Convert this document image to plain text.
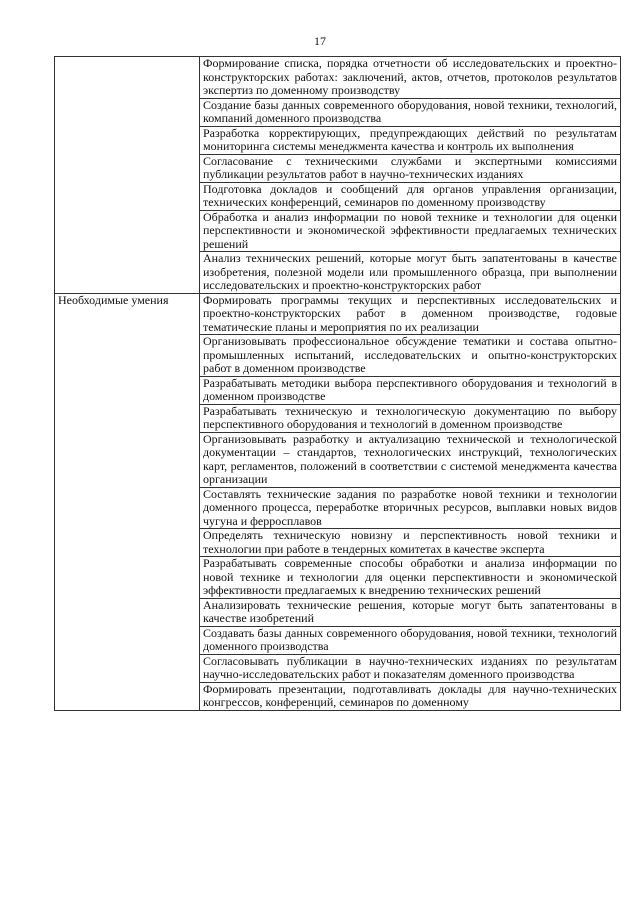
17
	Формирование списка, порядка отчетности об исследовательских и проектно-конструкторских работах: заключений, актов, отчетов, протоколов результатов экспертиз по доменному производству
	Создание базы данных современного оборудования, новой техники, технологий, компаний доменного производства
	Разработка корректирующих, предупреждающих действий по результатам мониторинга системы менеджмента качества и контроль их выполнения
	Согласование с техническими службами и экспертными комиссиями публикации результатов работ в научно-технических изданиях
	Подготовка докладов и сообщений для органов управления организации, технических конференций, семинаров по доменному производству
	Обработка и анализ информации по новой технике и технологии для оценки перспективности и экономической эффективности предлагаемых технических решений
	Анализ технических решений, которые могут быть запатентованы в качестве изобретения, полезной модели или промышленного образца, при выполнении исследовательских и проектно-конструкторских работ
Необходимые умения	Формировать программы текущих и перспективных исследовательских и проектно-конструкторских работ в доменном производстве, годовые тематические планы и мероприятия по их реализации
	Организовывать профессиональное обсуждение тематики и состава опытно-промышленных испытаний, исследовательских и опытно-конструкторских работ в доменном производстве
	Разрабатывать методики выбора перспективного оборудования и технологий в доменном производстве
	Разрабатывать техническую и технологическую документацию по выбору перспективного оборудования и технологий в доменном производстве
	Организовывать разработку и актуализацию технической и технологической документации – стандартов, технологических инструкций, технологических карт, регламентов, положений в соответствии с системой менеджмента качества организации
	Составлять технические задания по разработке новой техники и технологии доменного процесса, переработке вторичных ресурсов, выплавки новых видов чугуна и ферросплавов
	Определять техническую новизну и перспективность новой техники и технологии при работе в тендерных комитетах в качестве эксперта
	Разрабатывать современные способы обработки и анализа информации по новой технике и технологии для оценки перспективности и экономической эффективности предлагаемых к внедрению технических решений
	Анализировать технические решения, которые могут быть запатентованы в качестве изобретений
	Создавать базы данных современного оборудования, новой техники, технологий доменного производства
	Согласовывать публикации в научно-технических изданиях по результатам научно-исследовательских работ и показателям доменного производства
	Формировать презентации, подготавливать доклады для научно-технических конгрессов, конференций, семинаров по доменному
